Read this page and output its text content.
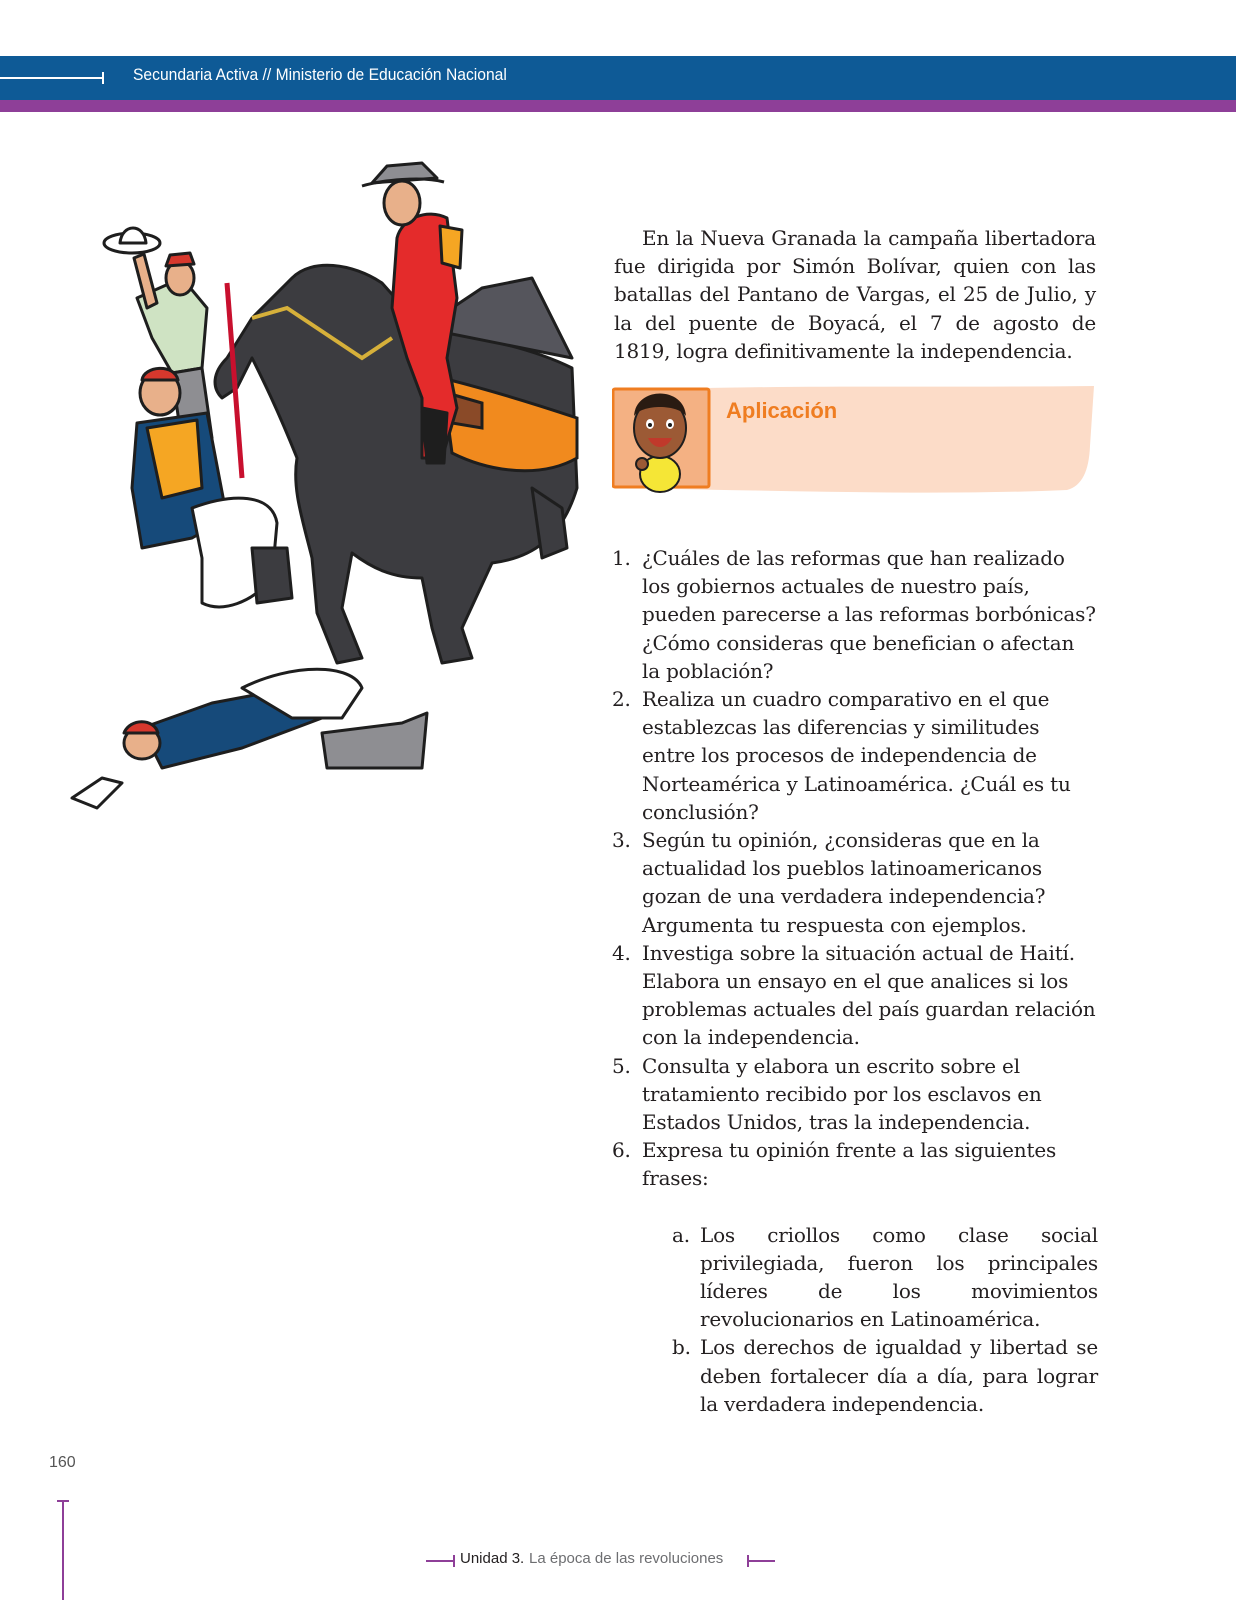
Secundaria Activa // Ministerio de Educación Nacional

En la Nueva Granada la campaña libertadora fue dirigida por Simón Bolívar, quien con las batallas del Pantano de Vargas, el 25 de Julio, y la del puente de Boyacá, el 7 de agosto de 1819, logra definitivamente la independencia.

Aplicación
1. ¿Cuáles de las reformas que han realizado los gobiernos actuales de nuestro país, pueden parecerse a las reformas borbónicas? ¿Cómo consideras que benefician o afectan la población?
2. Realiza un cuadro comparativo en el que establezcas las diferencias y similitudes entre los procesos de independencia de Norteamérica y Latinoamérica. ¿Cuál es tu conclusión?
3. Según tu opinión, ¿consideras que en la actualidad los pueblos latinoamericanos gozan de una verdadera independencia? Argumenta tu respuesta con ejemplos.
4. Investiga sobre la situación actual de Haití. Elabora un ensayo en el que analices si los problemas actuales del país guardan relación con la independencia.
5. Consulta y elabora un escrito sobre el tratamiento recibido por los esclavos en Estados Unidos, tras la independencia.
6. Expresa tu opinión frente a las siguientes frases:
a. Los criollos como clase social privilegiada, fueron los principales líderes de los movimientos revolucionarios en Latinoamérica.
b. Los derechos de igualdad y libertad se deben fortalecer día a día, para lograr la verdadera independencia.
160
Unidad 3. La época de las revoluciones
